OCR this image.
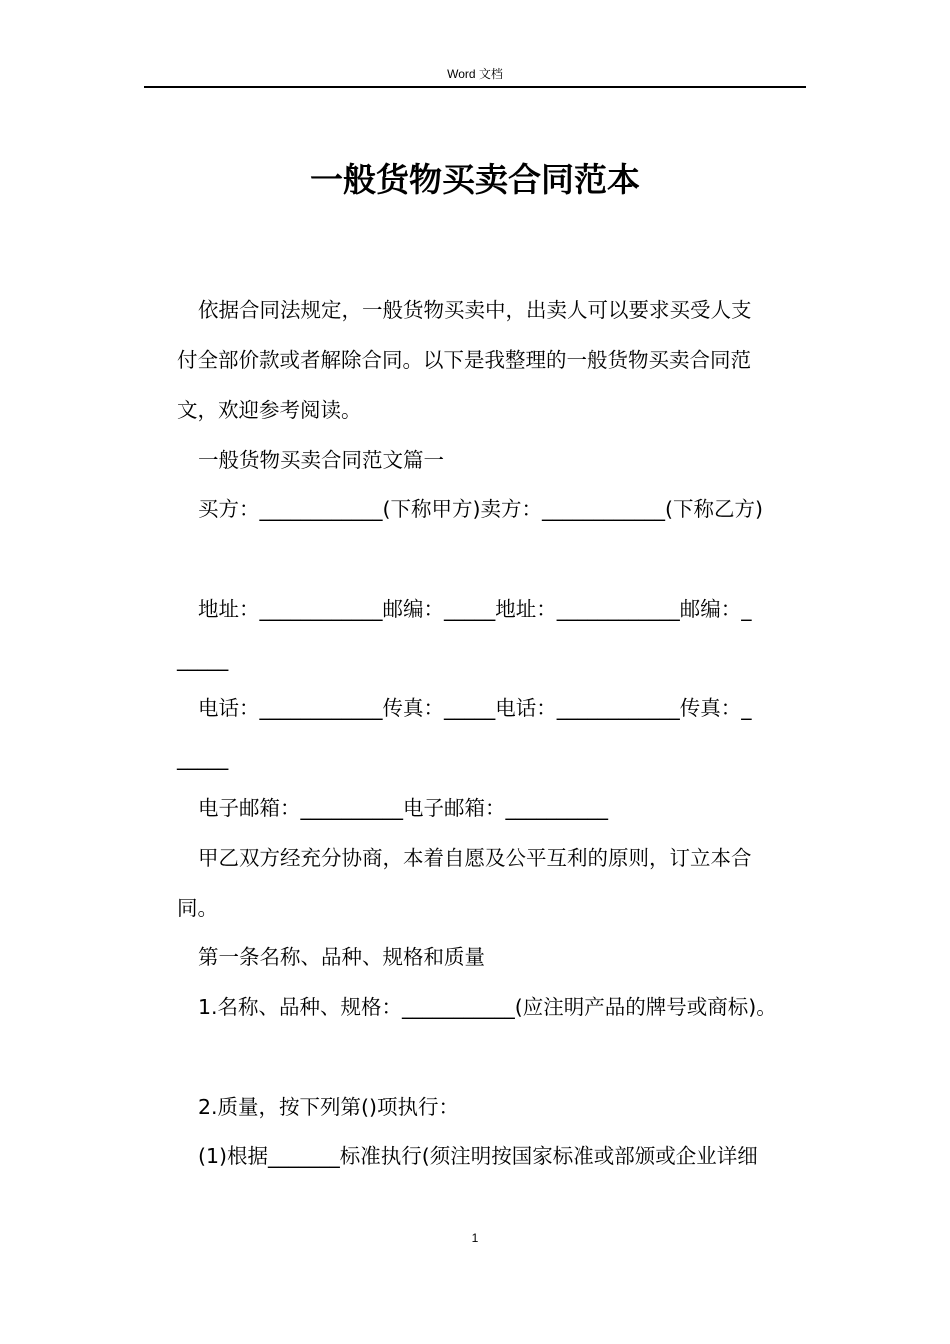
Word 文档
一般货物买卖合同范本
依据合同法规定，一般货物买卖中，出卖人可以要求买受人支
付全部价款或者解除合同。以下是我整理的一般货物买卖合同范
文，欢迎参考阅读。
一般货物买卖合同范文篇一
买方：____________(下称甲方)卖方：____________(下称乙方)
地址：____________邮编：_____地址：____________邮编：_
_____
电话：____________传真：_____电话：____________传真：_
_____
电子邮箱：__________电子邮箱：__________
甲乙双方经充分协商，本着自愿及公平互利的原则，订立本合
同。
第一条名称、品种、规格和质量
1.名称、品种、规格：___________(应注明产品的牌号或商标)。
2.质量，按下列第()项执行：
(1)根据_______标准执行(须注明按国家标准或部颁或企业详细
1
